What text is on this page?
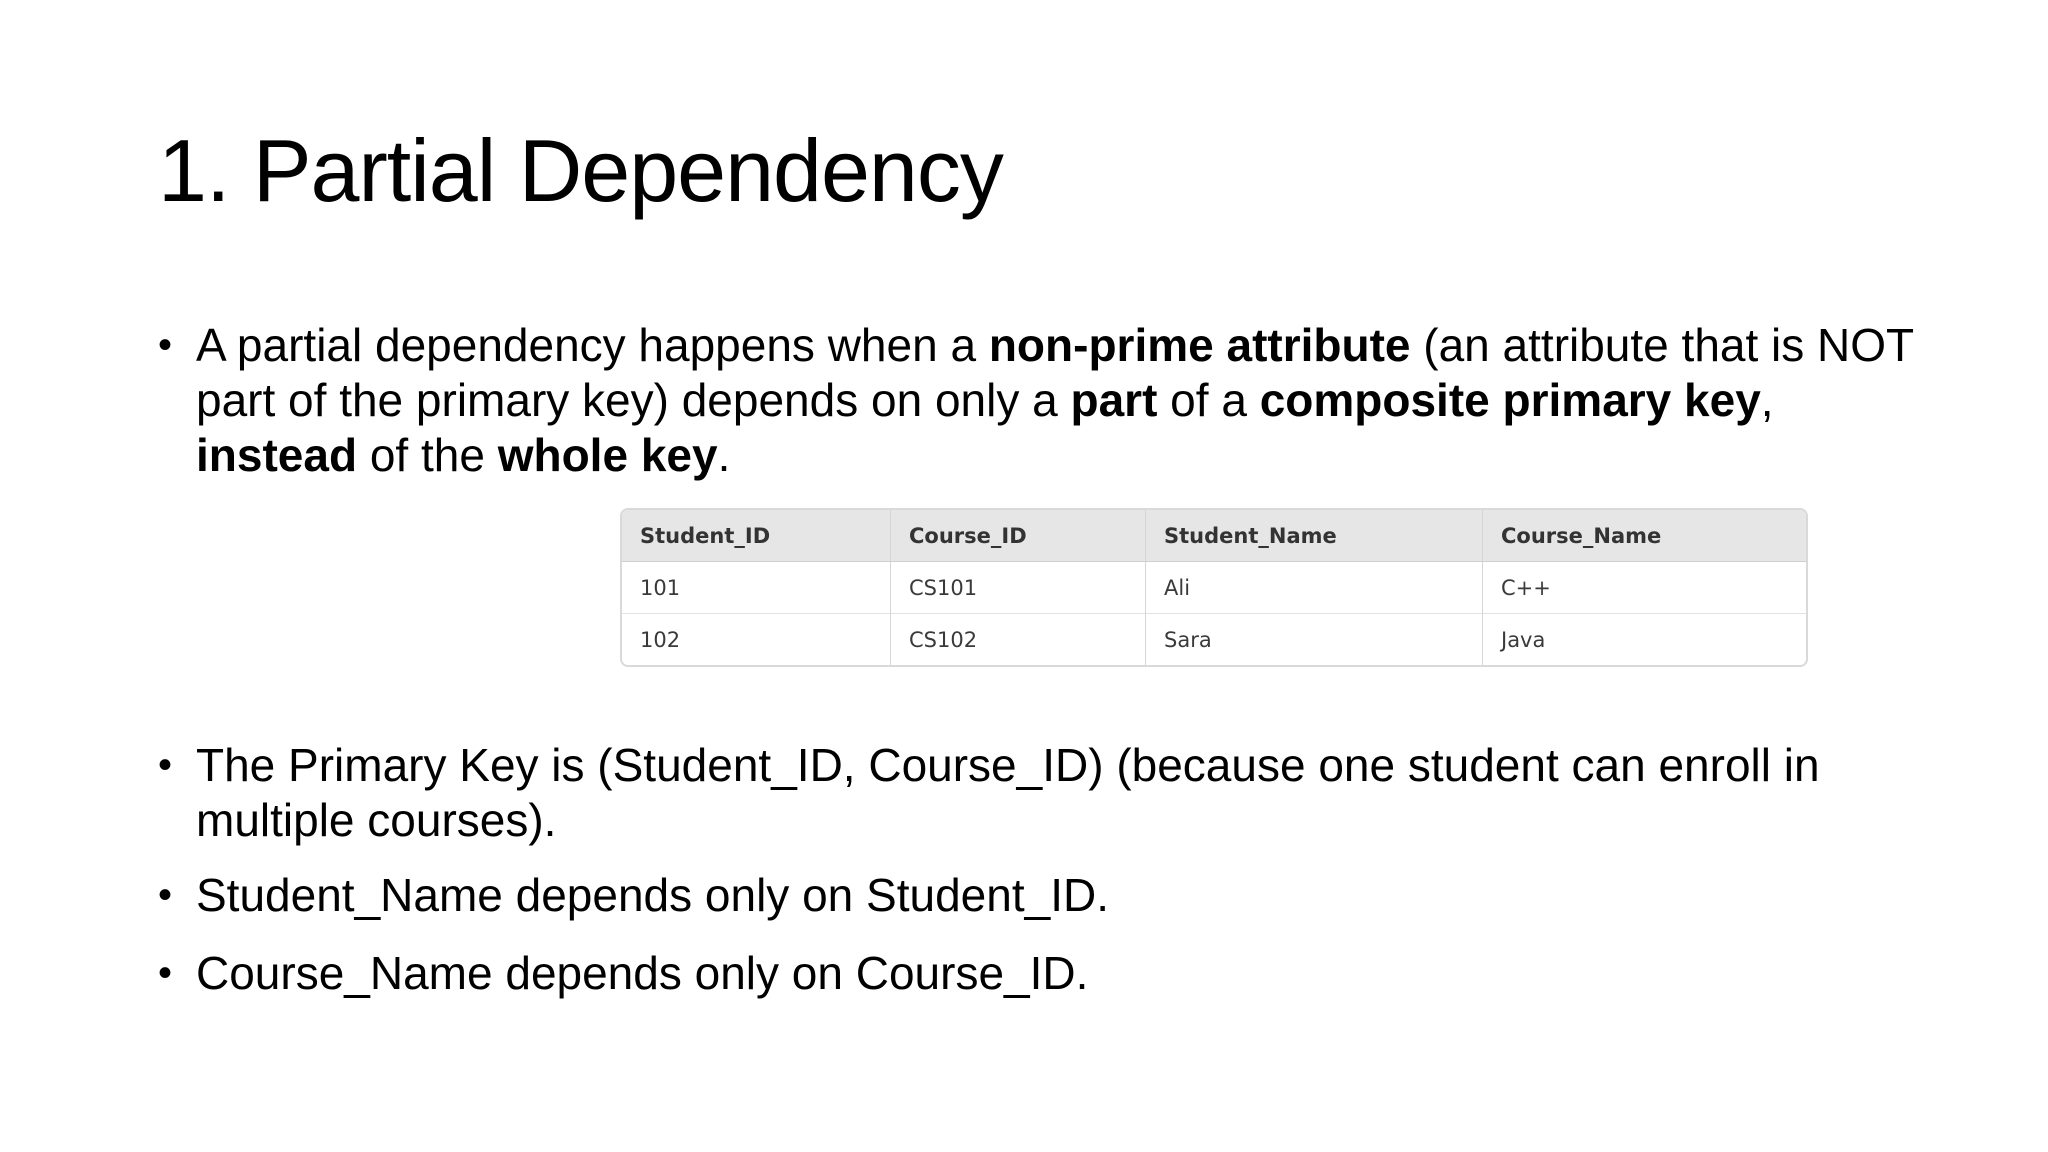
1. Partial Dependency
• A partial dependency happens when a non-prime attribute (an attribute that is NOT part of the primary key) depends on only a part of a composite primary key, instead of the whole key.
Student_ID	Course_ID	Student_Name	Course_Name
101	CS101	Ali	C++
102	CS102	Sara	Java
• The Primary Key is (Student_ID, Course_ID) (because one student can enroll in multiple courses).
• Student_Name depends only on Student_ID.
• Course_Name depends only on Course_ID.
